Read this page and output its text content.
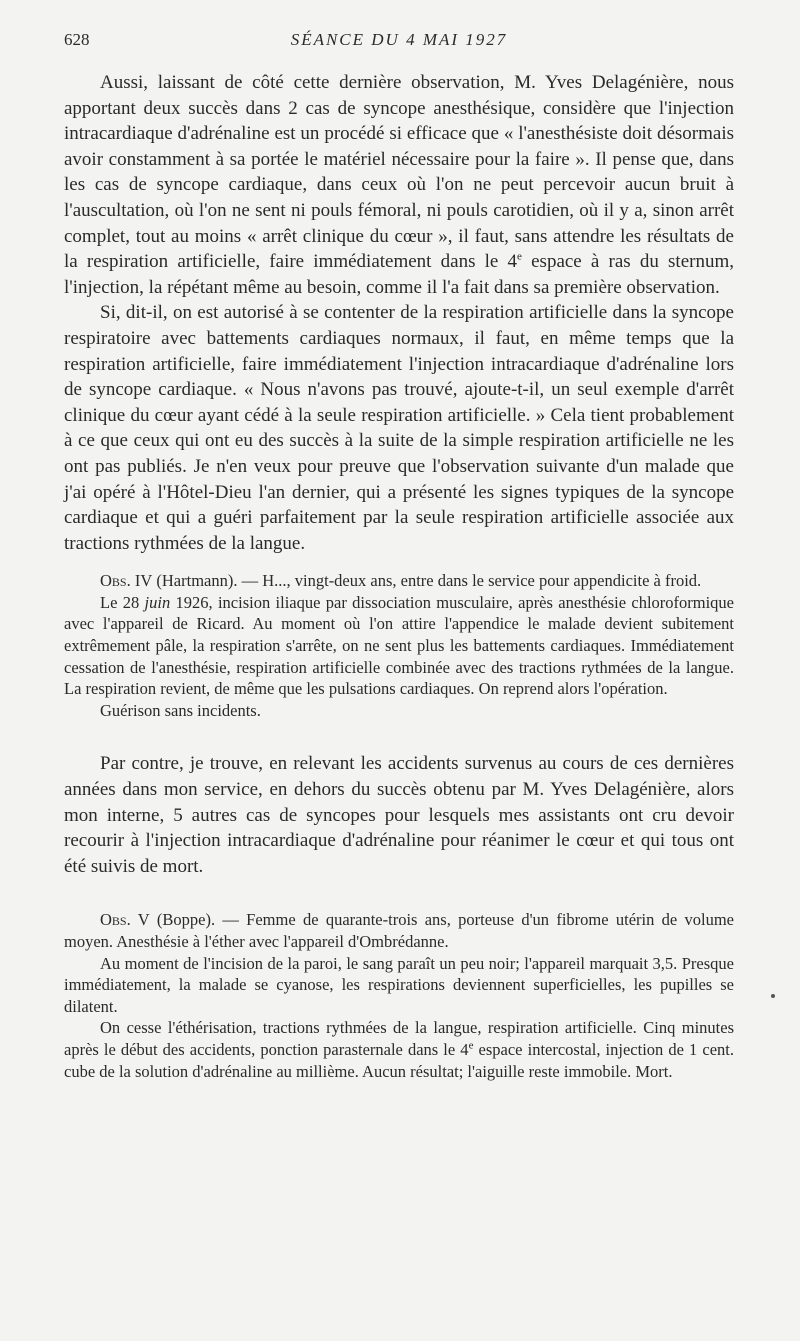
628	SÉANCE DU 4 MAI 1927

Aussi, laissant de côté cette dernière observation, M. Yves Delagénière, nous apportant deux succès dans 2 cas de syncope anesthésique, considère que l'injection intracardiaque d'adrénaline est un procédé si efficace que « l'anesthésiste doit désormais avoir constamment à sa portée le matériel nécessaire pour la faire ». Il pense que, dans les cas de syncope cardiaque, dans ceux où l'on ne peut percevoir aucun bruit à l'auscultation, où l'on ne sent ni pouls fémoral, ni pouls carotidien, où il y a, sinon arrêt complet, tout au moins « arrêt clinique du cœur », il faut, sans attendre les résultats de la respiration artificielle, faire immédiatement dans le 4e espace à ras du sternum, l'injection, la répétant même au besoin, comme il l'a fait dans sa première observation.

Si, dit-il, on est autorisé à se contenter de la respiration artificielle dans la syncope respiratoire avec battements cardiaques normaux, il faut, en même temps que la respiration artificielle, faire immédiatement l'injection intracardiaque d'adrénaline lors de syncope cardiaque. « Nous n'avons pas trouvé, ajoute-t-il, un seul exemple d'arrêt clinique du cœur ayant cédé à la seule respiration artificielle. » Cela tient probablement à ce que ceux qui ont eu des succès à la suite de la simple respiration artificielle ne les ont pas publiés. Je n'en veux pour preuve que l'observation suivante d'un malade que j'ai opéré à l'Hôtel-Dieu l'an dernier, qui a présenté les signes typiques de la syncope cardiaque et qui a guéri parfaitement par la seule respiration artificielle associée aux tractions rythmées de la langue.

Obs. IV (Hartmann). — H..., vingt-deux ans, entre dans le service pour appendicite à froid.

Le 28 juin 1926, incision iliaque par dissociation musculaire, après anesthésie chloroformique avec l'appareil de Ricard. Au moment où l'on attire l'appendice le malade devient subitement extrêmement pâle, la respiration s'arrête, on ne sent plus les battements cardiaques. Immédiatement cessation de l'anesthésie, respiration artificielle combinée avec des tractions rythmées de la langue. La respiration revient, de même que les pulsations cardiaques. On reprend alors l'opération.

Guérison sans incidents.

Par contre, je trouve, en relevant les accidents survenus au cours de ces dernières années dans mon service, en dehors du succès obtenu par M. Yves Delagénière, alors mon interne, 5 autres cas de syncopes pour lesquels mes assistants ont cru devoir recourir à l'injection intracardiaque d'adrénaline pour réanimer le cœur et qui tous ont été suivis de mort.

Obs. V (Boppe). — Femme de quarante-trois ans, porteuse d'un fibrome utérin de volume moyen. Anesthésie à l'éther avec l'appareil d'Ombrédanne.

Au moment de l'incision de la paroi, le sang paraît un peu noir; l'appareil marquait 3,5. Presque immédiatement, la malade se cyanose, les respirations deviennent superficielles, les pupilles se dilatent.

On cesse l'éthérisation, tractions rythmées de la langue, respiration artificielle. Cinq minutes après le début des accidents, ponction parasternale dans le 4e espace intercostal, injection de 1 cent. cube de la solution d'adrénaline au millième. Aucun résultat; l'aiguille reste immobile. Mort.
